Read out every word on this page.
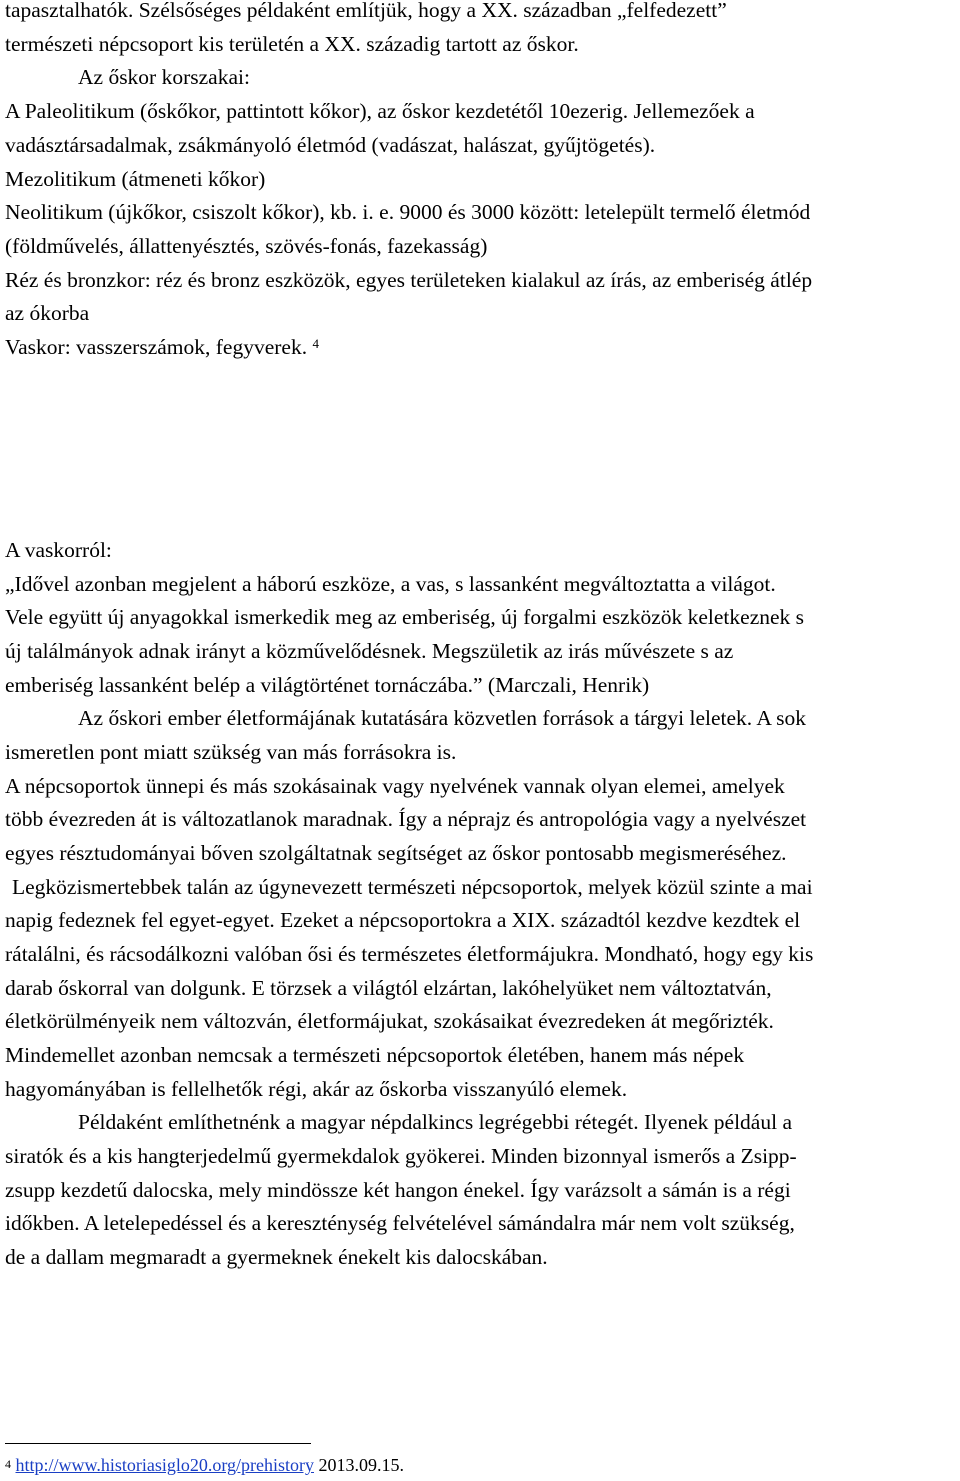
tapasztalhatók. Szélsőséges példaként említjük, hogy a XX. században „felfedezett”
természeti népcsoport kis területén a XX. századig tartott az őskor.
Az őskor korszakai:
A Paleolitikum (őskőkor, pattintott kőkor), az őskor kezdetétől 10ezerig. Jellemezőek a
vadásztársadalmak, zsákmányoló életmód (vadászat, halászat, gyűjtögetés).
Mezolitikum (átmeneti kőkor)
Neolitikum (újkőkor, csiszolt kőkor), kb. i. e. 9000 és 3000 között: letelepült termelő életmód
(földművelés, állattenyésztés, szövés-fonás, fazekasság)
Réz és bronzkor: réz és bronz eszközök, egyes területeken kialakul az írás, az emberiség átlép
az ókorba
Vaskor: vasszerszámok, fegyverek. $^4$
A vaskorról:
„Idővel azonban megjelent a háború eszköze, a vas, s lassanként megváltoztatta a világot.
Vele együtt új anyagokkal ismerkedik meg az emberiség, új forgalmi eszközök keletkeznek s
új találmányok adnak irányt a közművelődésnek. Megszületik az irás művészete s az
emberiség lassanként belép a világtörténet tornáczába.” (Marczali, Henrik)
Az őskori ember életformájának kutatására közvetlen források a tárgyi leletek. A sok
ismeretlen pont miatt szükség van más forrásokra is.
A népcsoportok ünnepi és más szokásainak vagy nyelvének vannak olyan elemei, amelyek
több évezreden át is változatlanok maradnak. Így a néprajz és antropológia vagy a nyelvészet
egyes résztudományai bőven szolgáltatnak segítséget az őskor pontosabb megismeréséhez.
Legközismertebbek talán az úgynevezett természeti népcsoportok, melyek közül szinte a mai
napig fedeznek fel egyet-egyet. Ezeket a népcsoportokra a XIX. századtól kezdve kezdtek el
rátalálni, és rácsodálkozni valóban ősi és természetes életformájukra. Mondható, hogy egy kis
darab őskorral van dolgunk. E törzsek a világtól elzártan, lakóhelyüket nem változtatván,
életkörülményeik nem változván, életformájukat, szokásaikat évezredeken át megőrizték.
Mindemellet azonban nemcsak a természeti népcsoportok életében, hanem más népek
hagyományában is fellelhetők régi, akár az őskorba visszanyúló elemek.
Példaként említhetnénk a magyar népdalkincs legrégebbi rétegét. Ilyenek például a
siratók és a kis hangterjedelmű gyermekdalok gyökerei. Minden bizonnyal ismerős a Zsipp-
zsupp kezdetű dalocska, mely mindössze két hangon énekel. Így varázsolt a sámán is a régi
időkben. A letelepedéssel és a kereszténység felvételével sámándalra már nem volt szükség,
de a dallam megmaradt a gyermeknek énekelt kis dalocskában.
$^4$ http://www.historiasiglo20.org/prehistory 2013.09.15.
